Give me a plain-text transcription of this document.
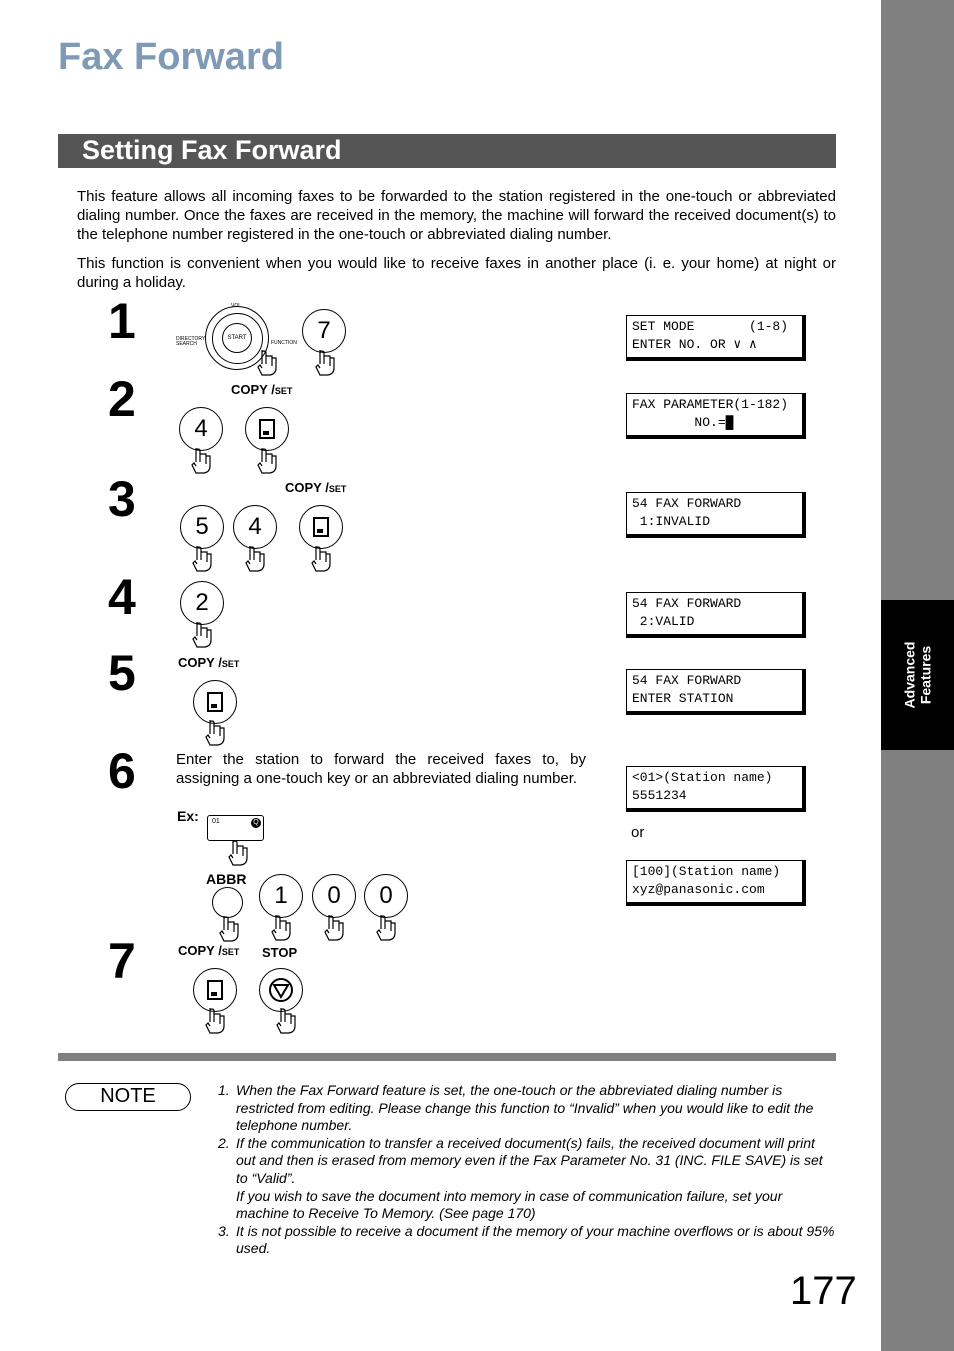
Advanced
Features
Fax Forward
Setting Fax Forward

This feature allows all incoming faxes to be forwarded to the station registered in the one-touch or abbreviated dialing number. Once the faxes are received in the memory, the machine will forward the received document(s) to the telephone number registered in the one-touch or abbreviated dialing number.

This function is convenient when you would like to receive faxes in another place (i. e. your home) at night or during a holiday.

1
2
3
4
5
6
7
SET MODE       (1-8)
ENTER NO. OR ∨ ∧
FAX PARAMETER(1-182)
NO.=█
54 FAX FORWARD
1:INVALID
54 FAX FORWARD
2:VALID
54 FAX FORWARD
ENTER STATION
<01>(Station name)
5551234
or
[100](Station name)
xyz@panasonic.com
START
VOL.
DIRECTORY SEARCH	FUNCTION 7
COPY /SET
4
COPY /SET
5	4
2
COPY /SET

Enter the station to forward the received faxes to, by assigning a one-touch key or an abbreviated dialing number.

Ex: 01	Q
ABBR
1	0	0
COPY /SET STOP
NOTE	1. When the Fax Forward feature is set, the one-touch or the abbreviated dialing number is restricted from editing. Please change this function to “Invalid” when you would like to edit the telephone number.
2. If the communication to transfer a received document(s) fails, the received document will print out and then is erased from memory even if the Fax Parameter No. 31 (INC. FILE SAVE) is set to “Valid”.

If you wish to save the document into memory in case of communication failure, set your machine to Receive To Memory. (See page 170)

3. It is not possible to receive a document if the memory of your machine overflows or is about 95% used.
177
